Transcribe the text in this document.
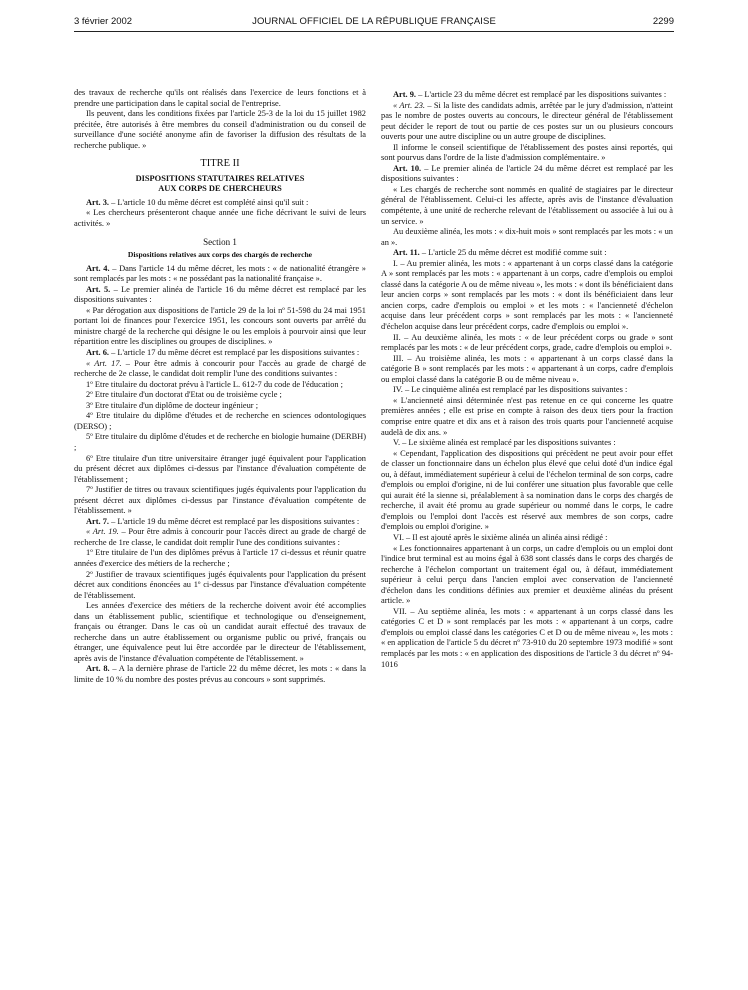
3 février 2002	JOURNAL OFFICIEL DE LA RÉPUBLIQUE FRANÇAISE	2299

des travaux de recherche qu'ils ont réalisés dans l'exercice de leurs fonctions et à prendre une participation dans le capital social de l'entreprise.

Ils peuvent, dans les conditions fixées par l'article 25-3 de la loi du 15 juillet 1982 précitée, être autorisés à être membres du conseil d'administration ou du conseil de surveillance d'une société anonyme afin de favoriser la diffusion des résultats de la recherche publique. »

TITRE II
DISPOSITIONS STATUTAIRES RELATIVES
AUX CORPS DE CHERCHEURS

Art. 3. – L'article 10 du même décret est complété ainsi qu'il suit :

« Les chercheurs présenteront chaque année une fiche décrivant le suivi de leurs activités. »

Section 1
Dispositions relatives aux corps des chargés de recherche

Art. 4. – Dans l'article 14 du même décret, les mots : « de nationalité étrangère » sont remplacés par les mots : « ne possédant pas la nationalité française ».

Art. 5. – Le premier alinéa de l'article 16 du même décret est remplacé par les dispositions suivantes :

« Par dérogation aux dispositions de l'article 29 de la loi nº 51-598 du 24 mai 1951 portant loi de finances pour l'exercice 1951, les concours sont ouverts par arrêté du ministre chargé de la recherche qui désigne le ou les emplois à pourvoir ainsi que leur répartition entre les disciplines ou groupes de disciplines. »

Art. 6. – L'article 17 du même décret est remplacé par les dispositions suivantes :

« Art. 17. – Pour être admis à concourir pour l'accès au grade de chargé de recherche de 2e classe, le candidat doit remplir l'une des conditions suivantes :

1º Etre titulaire du doctorat prévu à l'article L. 612-7 du code de l'éducation ;

2º Etre titulaire d'un doctorat d'Etat ou de troisième cycle ;

3º Etre titulaire d'un diplôme de docteur ingénieur ;

4º Etre titulaire du diplôme d'études et de recherche en sciences odontologiques (DERSO) ;

5º Etre titulaire du diplôme d'études et de recherche en biologie humaine (DERBH) ;

6º Etre titulaire d'un titre universitaire étranger jugé équivalent pour l'application du présent décret aux diplômes ci-dessus par l'instance d'évaluation compétente de l'établissement ;

7º Justifier de titres ou travaux scientifiques jugés équivalents pour l'application du présent décret aux diplômes ci-dessus par l'instance d'évaluation compétente de l'établissement. »

Art. 7. – L'article 19 du même décret est remplacé par les dispositions suivantes :

« Art. 19. – Pour être admis à concourir pour l'accès direct au grade de chargé de recherche de 1re classe, le candidat doit remplir l'une des conditions suivantes :

1º Etre titulaire de l'un des diplômes prévus à l'article 17 ci-dessus et réunir quatre années d'exercice des métiers de la recherche ;

2º Justifier de travaux scientifiques jugés équivalents pour l'application du présent décret aux conditions énoncées au 1º ci-dessus par l'instance d'évaluation compétente de l'établissement.

Les années d'exercice des métiers de la recherche doivent avoir été accomplies dans un établissement public, scientifique et technologique ou d'enseignement, français ou étranger. Dans le cas où un candidat aurait effectué des travaux de recherche dans un autre établissement ou organisme public ou privé, français ou étranger, une équivalence peut lui être accordée par le directeur de l'établissement, après avis de l'instance d'évaluation compétente de l'établissement. »

Art. 8. – A la dernière phrase de l'article 22 du même décret, les mots : « dans la limite de 10 % du nombre des postes prévus au concours » sont supprimés.

Art. 9. – L'article 23 du même décret est remplacé par les dispositions suivantes :

« Art. 23. – Si la liste des candidats admis, arrêtée par le jury d'admission, n'atteint pas le nombre de postes ouverts au concours, le directeur général de l'établissement peut décider le report de tout ou partie de ces postes sur un ou plusieurs concours ouverts pour une autre discipline ou un autre groupe de disciplines.

Il informe le conseil scientifique de l'établissement des postes ainsi reportés, qui sont pourvus dans l'ordre de la liste d'admission complémentaire. »

Art. 10. – Le premier alinéa de l'article 24 du même décret est remplacé par les dispositions suivantes :

« Les chargés de recherche sont nommés en qualité de stagiaires par le directeur général de l'établissement. Celui-ci les affecte, après avis de l'instance d'évaluation compétente, à une unité de recherche relevant de l'établissement ou associée à lui ou à un service. »

Au deuxième alinéa, les mots : « dix-huit mois » sont remplacés par les mots : « un an ».

Art. 11. – L'article 25 du même décret est modifié comme suit :

I. – Au premier alinéa, les mots : « appartenant à un corps classé dans la catégorie A » sont remplacés par les mots : « appartenant à un corps, cadre d'emplois ou emploi classé dans la catégorie A ou de même niveau », les mots : « dont ils bénéficiaient dans leur ancien corps » sont remplacés par les mots : « dont ils bénéficiaient dans leur ancien corps, cadre d'emplois ou emploi » et les mots : « l'ancienneté d'échelon acquise dans leur précédent corps » sont remplacés par les mots : « l'ancienneté d'échelon acquise dans leur précédent corps, cadre d'emplois ou emploi ».

II. – Au deuxième alinéa, les mots : « de leur précédent corps ou grade » sont remplacés par les mots : « de leur précédent corps, grade, cadre d'emplois ou emploi ».

III. – Au troisième alinéa, les mots : « appartenant à un corps classé dans la catégorie B » sont remplacés par les mots : « appartenant à un corps, cadre d'emplois ou emploi classé dans la catégorie B ou de même niveau ».

IV. – Le cinquième alinéa est remplacé par les dispositions suivantes :

« L'ancienneté ainsi déterminée n'est pas retenue en ce qui concerne les quatre premières années ; elle est prise en compte à raison des deux tiers pour la fraction comprise entre quatre et dix ans et à raison des trois quarts pour l'ancienneté acquise audelà de dix ans. »

V. – Le sixième alinéa est remplacé par les dispositions suivantes :

« Cependant, l'application des dispositions qui précèdent ne peut avoir pour effet de classer un fonctionnaire dans un échelon plus élevé que celui doté d'un indice égal ou, à défaut, immédiatement supérieur à celui de l'échelon terminal de son corps, cadre d'emplois ou emploi d'origine, ni de lui conférer une situation plus favorable que celle qui aurait été la sienne si, préalablement à sa nomination dans le corps des chargés de recherche, il avait été promu au grade supérieur ou nommé dans le corps, le cadre d'emplois ou l'emploi dont l'accès est réservé aux membres de son corps, cadre d'emplois ou emploi d'origine. »

VI. – Il est ajouté après le sixième alinéa un alinéa ainsi rédigé :

« Les fonctionnaires appartenant à un corps, un cadre d'emplois ou un emploi dont l'indice brut terminal est au moins égal à 638 sont classés dans le corps des chargés de recherche à l'échelon comportant un traitement égal ou, à défaut, immédiatement supérieur à celui perçu dans l'ancien emploi avec conservation de l'ancienneté d'échelon dans les conditions définies aux premier et deuxième alinéas du présent article. »

VII. – Au septième alinéa, les mots : « appartenant à un corps classé dans les catégories C et D » sont remplacés par les mots : « appartenant à un corps, cadre d'emplois ou emploi classé dans les catégories C et D ou de même niveau », les mots : « en application de l'article 5 du décret nº 73-910 du 20 septembre 1973 modifié » sont remplacés par les mots : « en application des dispositions de l'article 3 du décret nº 94-1016
